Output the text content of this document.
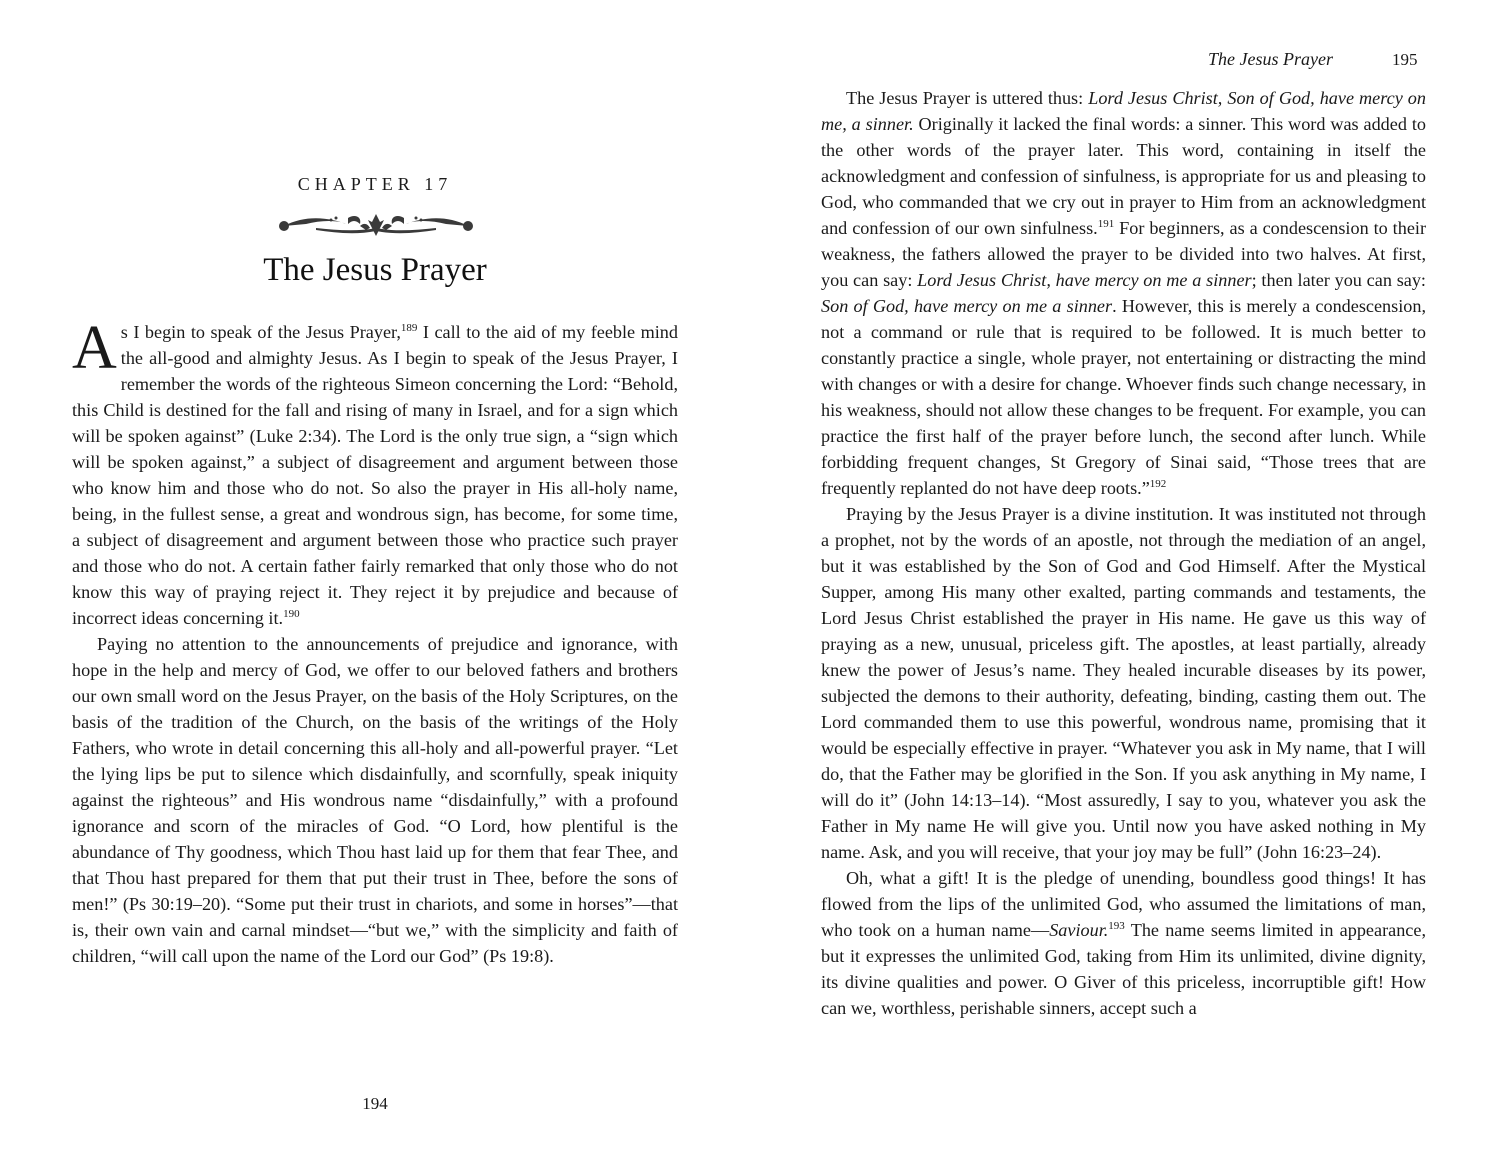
CHAPTER 17
The Jesus Prayer

As I begin to speak of the Jesus Prayer,$^{189}$ I call to the aid of my feeble mind the all-good and almighty Jesus. As I begin to speak of the Jesus Prayer, I remember the words of the righteous Simeon concerning the Lord: “Behold, this Child is destined for the fall and rising of many in Israel, and for a sign which will be spoken against” (Luke 2:34). The Lord is the only true sign, a “sign which will be spoken against,” a subject of disagreement and argument between those who know him and those who do not. So also the prayer in His all-holy name, being, in the fullest sense, a great and wondrous sign, has become, for some time, a subject of disagreement and argument between those who practice such prayer and those who do not. A certain father fairly remarked that only those who do not know this way of praying reject it. They reject it by prejudice and because of incorrect ideas concerning it.$^{190}$

Paying no attention to the announcements of prejudice and ignorance, with hope in the help and mercy of God, we offer to our beloved fathers and brothers our own small word on the Jesus Prayer, on the basis of the Holy Scriptures, on the basis of the tradition of the Church, on the basis of the writings of the Holy Fathers, who wrote in detail concerning this all-holy and all-powerful prayer. “Let the lying lips be put to silence which disdainfully, and scornfully, speak iniquity against the righteous” and His wondrous name “disdainfully,” with a profound ignorance and scorn of the miracles of God. “O Lord, how plentiful is the abundance of Thy goodness, which Thou hast laid up for them that fear Thee, and that Thou hast prepared for them that put their trust in Thee, before the sons of men!” (Ps 30:19–20). “Some put their trust in chariots, and some in horses”—that is, their own vain and carnal mindset—“but we,” with the simplicity and faith of children, “will call upon the name of the Lord our God” (Ps 19:8).

194
The Jesus Prayer	195

The Jesus Prayer is uttered thus: Lord Jesus Christ, Son of God, have mercy on me, a sinner. Originally it lacked the final words: a sinner. This word was added to the other words of the prayer later. This word, containing in itself the acknowledgment and confession of sinfulness, is appropriate for us and pleasing to God, who commanded that we cry out in prayer to Him from an acknowledgment and confession of our own sinfulness.$^{191}$ For beginners, as a condescension to their weakness, the fathers allowed the prayer to be divided into two halves. At first, you can say: Lord Jesus Christ, have mercy on me a sinner; then later you can say: Son of God, have mercy on me a sinner. However, this is merely a condescension, not a command or rule that is required to be followed. It is much better to constantly practice a single, whole prayer, not entertaining or distracting the mind with changes or with a desire for change. Whoever finds such change necessary, in his weakness, should not allow these changes to be frequent. For example, you can practice the first half of the prayer before lunch, the second after lunch. While forbidding frequent changes, St Gregory of Sinai said, “Those trees that are frequently replanted do not have deep roots.”$^{192}$

Praying by the Jesus Prayer is a divine institution. It was instituted not through a prophet, not by the words of an apostle, not through the mediation of an angel, but it was established by the Son of God and God Himself. After the Mystical Supper, among His many other exalted, parting commands and testaments, the Lord Jesus Christ established the prayer in His name. He gave us this way of praying as a new, unusual, priceless gift. The apostles, at least partially, already knew the power of Jesus’s name. They healed incurable diseases by its power, subjected the demons to their authority, defeating, binding, casting them out. The Lord commanded them to use this powerful, wondrous name, promising that it would be especially effective in prayer. “Whatever you ask in My name, that I will do, that the Father may be glorified in the Son. If you ask anything in My name, I will do it” (John 14:13–14). “Most assuredly, I say to you, whatever you ask the Father in My name He will give you. Until now you have asked nothing in My name. Ask, and you will receive, that your joy may be full” (John 16:23–24).

Oh, what a gift! It is the pledge of unending, boundless good things! It has flowed from the lips of the unlimited God, who assumed the limitations of man, who took on a human name—Saviour.$^{193}$ The name seems limited in appearance, but it expresses the unlimited God, taking from Him its unlimited, divine dignity, its divine qualities and power. O Giver of this priceless, incorruptible gift! How can we, worthless, perishable sinners, accept such a
